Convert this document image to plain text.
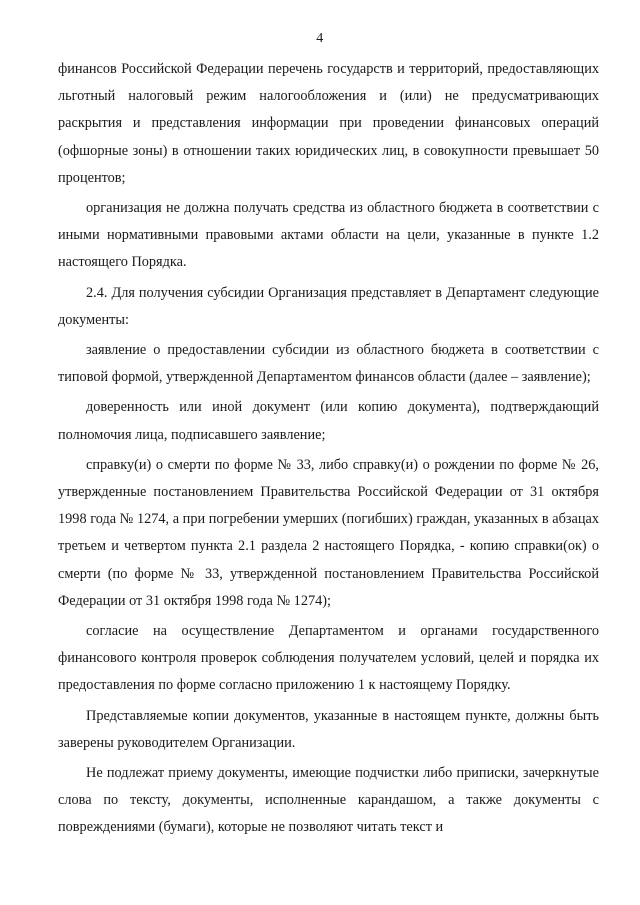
4

финансов Российской Федерации перечень государств и территорий, предоставляющих льготный налоговый режим налогообложения и (или) не предусматривающих раскрытия и представления информации при проведении финансовых операций (офшорные зоны) в отношении таких юридических лиц, в совокупности превышает 50 процентов;

организация не должна получать средства из областного бюджета в соответствии с иными нормативными правовыми актами области на цели, указанные в пункте 1.2 настоящего Порядка.

2.4. Для получения субсидии Организация представляет в Департамент следующие документы:

заявление о предоставлении субсидии из областного бюджета в соответствии с типовой формой, утвержденной Департаментом финансов области (далее – заявление);

доверенность или иной документ (или копию документа), подтверждающий полномочия лица, подписавшего заявление;

справку(и) о смерти по форме № 33, либо справку(и) о рождении по форме № 26, утвержденные постановлением Правительства Российской Федерации от 31 октября 1998 года № 1274, а при погребении умерших (погибших) граждан, указанных в абзацах третьем и четвертом пункта 2.1 раздела 2 настоящего Порядка, - копию справки(ок) о смерти (по форме № 33, утвержденной постановлением Правительства Российской Федерации от 31 октября 1998 года № 1274);

согласие на осуществление Департаментом и органами государственного финансового контроля проверок соблюдения получателем условий, целей и порядка их предоставления по форме согласно приложению 1 к настоящему Порядку.

Представляемые копии документов, указанные в настоящем пункте, должны быть заверены руководителем Организации.

Не подлежат приему документы, имеющие подчистки либо приписки, зачеркнутые слова по тексту, документы, исполненные карандашом, а также документы с повреждениями (бумаги), которые не позволяют читать текст и
